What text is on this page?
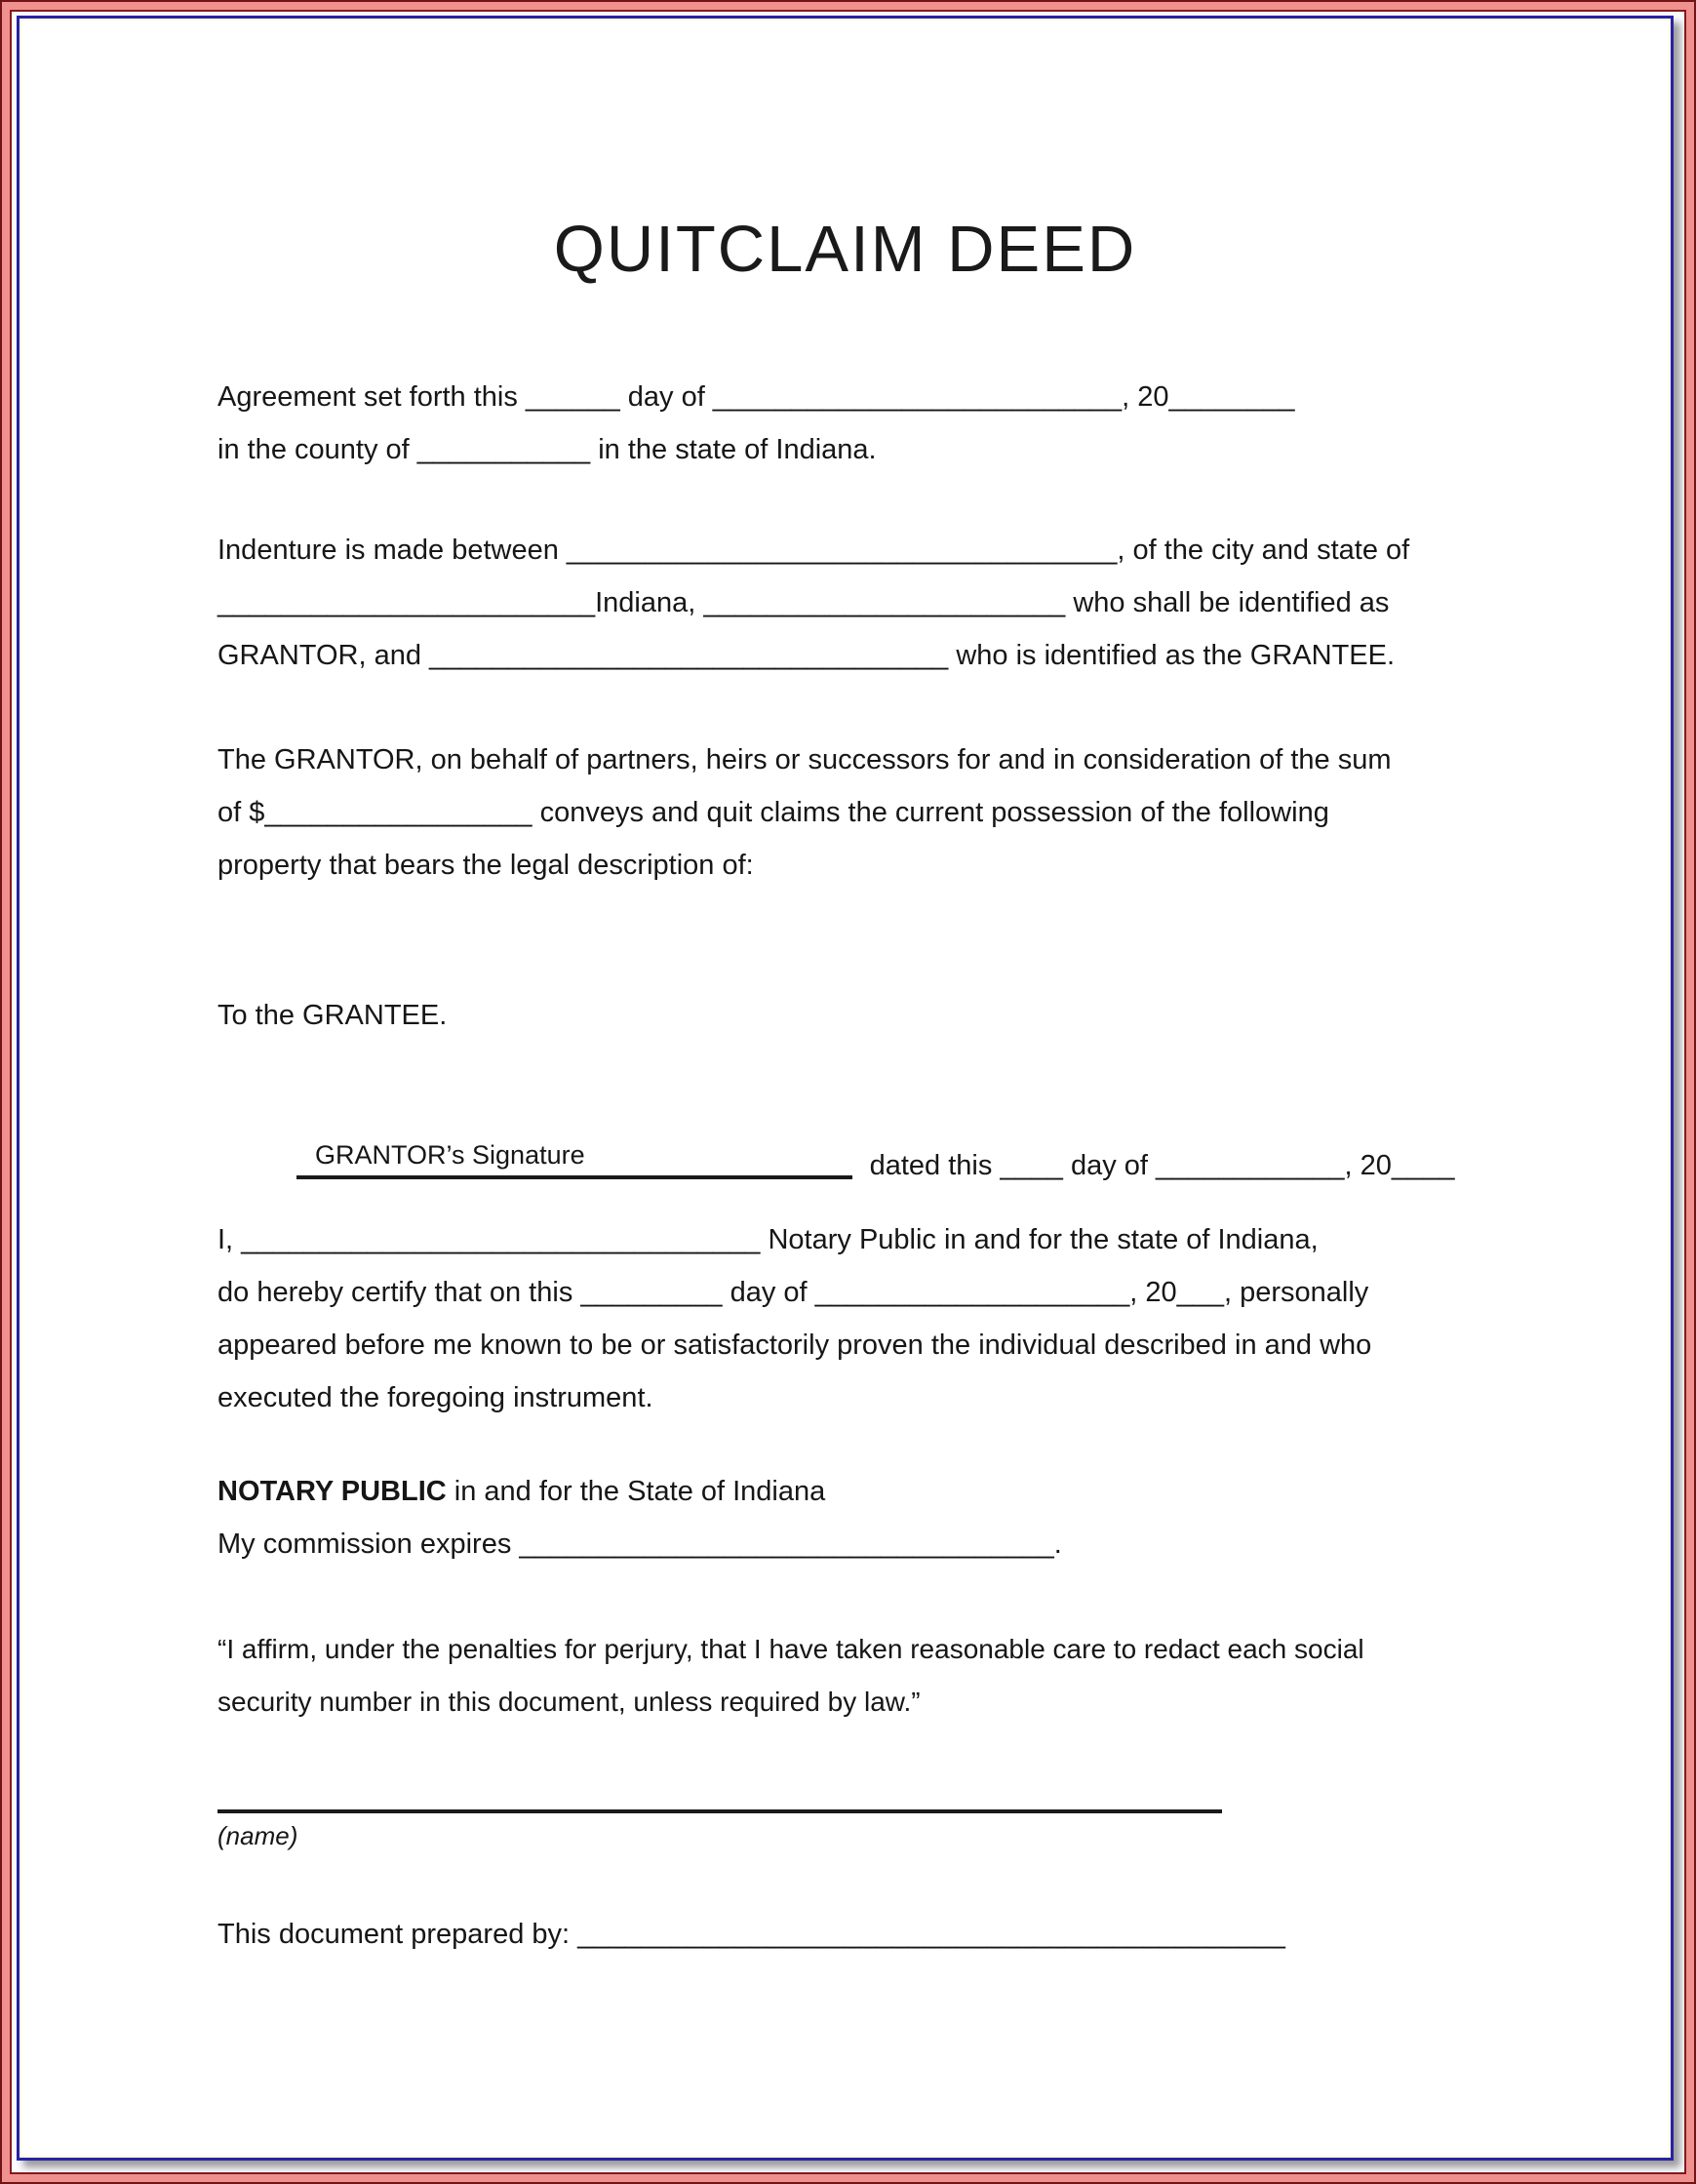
QUITCLAIM DEED
Agreement set forth this ______ day of __________________________, 20________
in the county of ___________ in the state of Indiana.
Indenture is made between ___________________________________, of the city and state of
________________________Indiana, _______________________ who shall be identified as
GRANTOR, and _________________________________ who is identified as the GRANTEE.
The GRANTOR, on behalf of partners, heirs or successors for and in consideration of the sum
of $_________________ conveys and quit claims the current possession of the following
property that bears the legal description of:
To the GRANTEE.

dated this ____ day of ____________, 20____

GRANTOR’s Signature
I, _________________________________ Notary Public in and for the state of Indiana,
do hereby certify that on this _________ day of ____________________, 20___, personally
appeared before me known to be or satisfactorily proven the individual described in and who
executed the foregoing instrument.
NOTARY PUBLIC in and for the State of Indiana
My commission expires __________________________________.
“I affirm, under the penalties for perjury, that I have taken reasonable care to redact each social
security number in this document, unless required by law.”
(name)
This document prepared by: _____________________________________________
